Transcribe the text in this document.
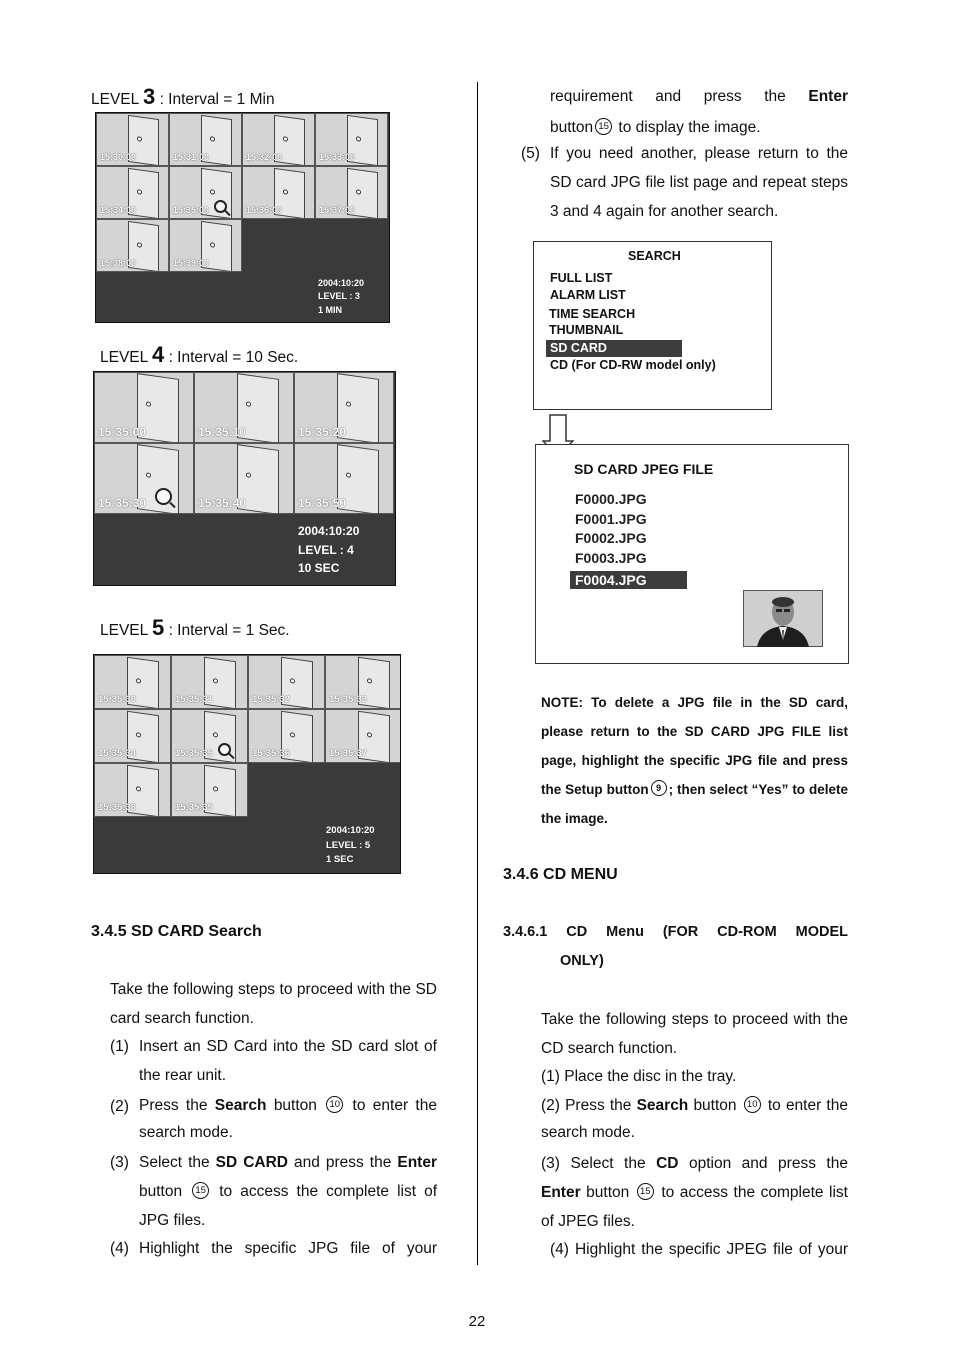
LEVEL 3 : Interval = 1 Min
15:30:00	15:31:00	15:32:00	15:33:00
15:34:00	15:35:00	15:36:00	15:37:00
15:38:00	15:39:00
2004:10:20
LEVEL : 3
1 MIN
LEVEL 4 : Interval = 10 Sec.
15:35:00	15:35:10	15:35:20
15:35:30	15:35:40	15:35:50
2004:10:20
LEVEL : 4
10 SEC
LEVEL 5 : Interval = 1 Sec.
15:35:30	15:35:31	15:35:32	15:35:33
15:35:34	15:35:35	15:35:36	15:35:37
15:35:38	15:35:39
2004:10:20
LEVEL : 5
1 SEC
3.4.5 SD CARD Search
Take the following steps to proceed with the SD card search function.
(1) Insert an SD Card into the SD card slot of the rear unit.
(2) Press the Search button 10 to enter the search mode.
(3) Select the SD CARD and press the Enter button 15 to access the complete list of JPG files.
(4) Highlight the specific JPG file of your
requirement and press the Enter
button 15 to display the image.
(5) If you need another, please return to the SD card JPG file list page and repeat steps 3 and 4 again for another search.
SEARCH
FULL LIST
ALARM LIST
TIME SEARCH
THUMBNAIL
SD CARD
CD (For CD-RW model only)
SD CARD JPEG FILE
F0000.JPG
F0001.JPG
F0002.JPG
F0003.JPG
F0004.JPG
NOTE: To delete a JPG file in the SD card, please return to the SD CARD JPG FILE list page, highlight the specific JPG file and press the Setup button 9 ; then select “Yes” to delete the image.
3.4.6 CD MENU
3.4.6.1 CD Menu (FOR CD-ROM MODEL
ONLY)
Take the following steps to proceed with the CD search function.
(1) Place the disc in the tray.
(2) Press the Search button 10 to enter the search mode.
(3) Select the CD option and press the Enter button 15 to access the complete list of JPEG files.
(4) Highlight the specific JPEG file of your
22
